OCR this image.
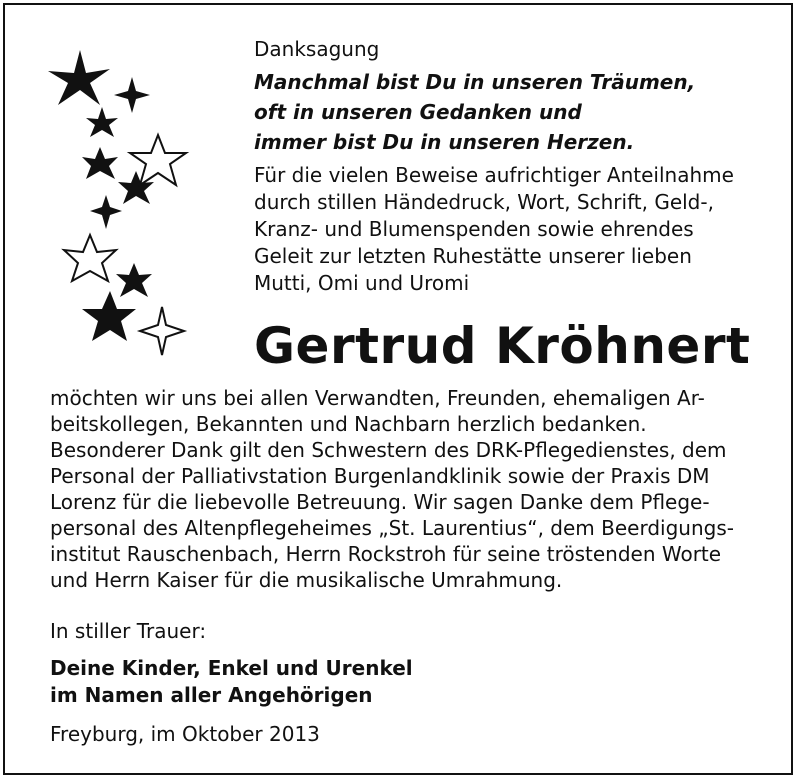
Danksagung

Manchmal bist Du in unseren Träumen,

oft in unseren Gedanken und

immer bist Du in unseren Herzen.

Für die vielen Beweise aufrichtiger Anteilnahme
durch stillen Händedruck, Wort, Schrift, Geld-,
Kranz- und Blumenspenden sowie ehrendes
Geleit zur letzten Ruhestätte unserer lieben
Mutti, Omi und Uromi
Gertrud Kröhnert

möchten wir uns bei allen Verwandten, Freunden, ehemaligen Ar-

beitskollegen, Bekannten und Nachbarn herzlich bedanken.

Besonderer Dank gilt den Schwestern des DRK-Pflegedienstes, dem

Personal der Palliativstation Burgenlandklinik sowie der Praxis DM

Lorenz für die liebevolle Betreuung. Wir sagen Danke dem Pflege-

personal des Altenpflegeheimes „St. Laurentius“, dem Beerdigungs-

institut Rauschenbach, Herrn Rockstroh für seine tröstenden Worte

und Herrn Kaiser für die musikalische Umrahmung.

In stiller Trauer:

Deine Kinder, Enkel und Urenkel

im Namen aller Angehörigen

Freyburg, im Oktober 2013
